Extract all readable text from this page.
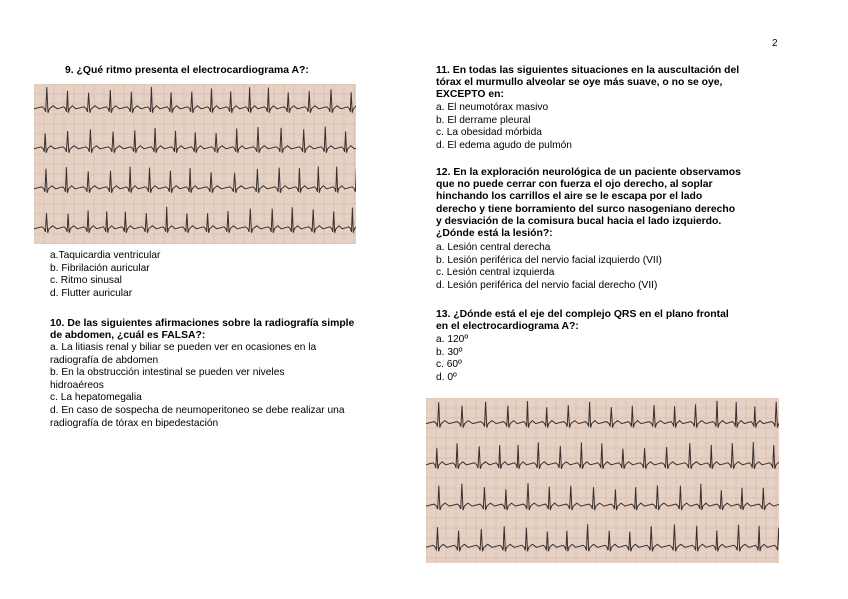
2
9. ¿Qué ritmo presenta el electrocardiograma A?:
a.Taquicardia ventricular
b. Fibrilación auricular
c. Ritmo sinusal
d. Flutter auricular
10. De las siguientes afirmaciones sobre la radiografía simple
de abdomen, ¿cuál es FALSA?:
a. La litiasis renal y biliar se pueden ver en ocasiones en la
radiografía de abdomen
b. En la obstrucción intestinal se pueden ver niveles
hidroaéreos
c. La hepatomegalia
d. En caso de sospecha de neumoperitoneo se debe realizar una
radiografía de tórax en bipedestación
11. En todas las siguientes situaciones en la auscultación del
tórax el murmullo alveolar se oye más suave, o no se oye,
EXCEPTO en:
a. El neumotórax masivo
b. El derrame pleural
c. La obesidad mórbida
d. El edema agudo de pulmón
12. En la exploración neurológica de un paciente observamos
que no puede cerrar con fuerza el ojo derecho, al soplar
hinchando los carrillos el aire se le escapa por el lado
derecho y tiene borramiento del surco nasogeniano derecho
y desviación de la comisura bucal hacia el lado izquierdo.
¿Dónde está la lesión?:
a. Lesión central derecha
b. Lesión periférica del nervio facial izquierdo (VII)
c. Lesión central izquierda
d. Lesión periférica del nervio facial derecho (VII)
13. ¿Dónde está el eje del complejo QRS en el plano frontal
en el electrocardiograma A?:
a. 120º
b. 30º
c. 60º
d. 0º
